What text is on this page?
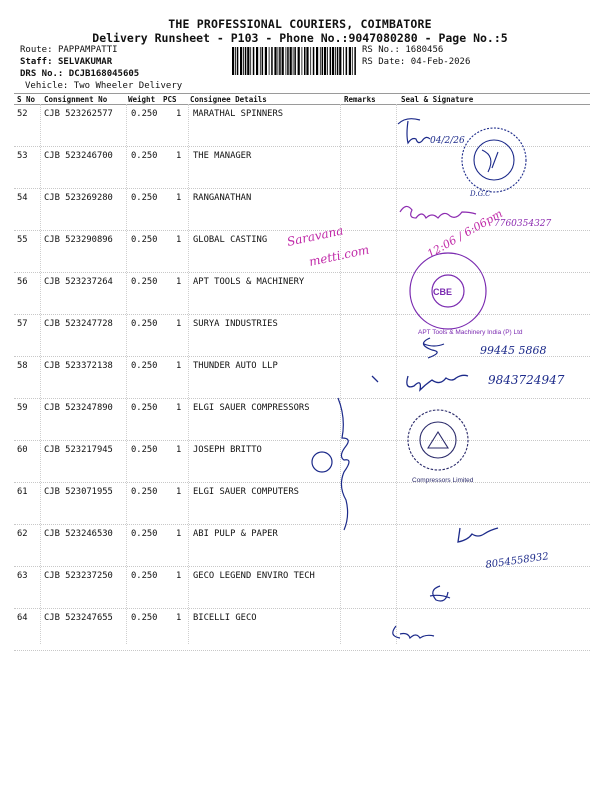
THE PROFESSIONAL COURIERS, COIMBATORE
Delivery Runsheet - P103 - Phone No.:9047080280 - Page No.:5
Route: PAPPAMPATTI
Staff: SELVAKUMAR
DRS No.: DCJB168045605
Vehicle: Two Wheeler Delivery
RS No.: 1680456
RS Date: 04-Feb-2026
S No Consignment No	Weight PCS Consignee Details	Remarks	Seal & Signature
52 CJB 523262577 0.250 1 MARATHAL SPINNERS
53 CJB 523246700 0.250 1 THE MANAGER
54 CJB 523269280 0.250 1 RANGANATHAN
55 CJB 523290896 0.250 1 GLOBAL CASTING
56 CJB 523237264 0.250 1 APT TOOLS & MACHINERY
57 CJB 523247728 0.250 1 SURYA INDUSTRIES
58 CJB 523372138 0.250 1 THUNDER AUTO LLP
59 CJB 523247890 0.250 1 ELGI SAUER COMPRESSORS
60 CJB 523217945 0.250 1 JOSEPH BRITTO
61 CJB 523071955 0.250 1 ELGI SAUER COMPUTERS
62 CJB 523246530 0.250 1 ABI PULP & PAPER
63 CJB 523237250 0.250 1 GECO LEGEND ENVIRO TECH
64 CJB 523247655 0.250 1 BICELLI GECO
04/2/26
D.G.C
7760354327
Saravana
metti.com	12:06 / 6:06pm
CBE
APT Tools & Machinery India (P) Ltd
99445 5868
9843724947
Compressors Limited
8054558932
